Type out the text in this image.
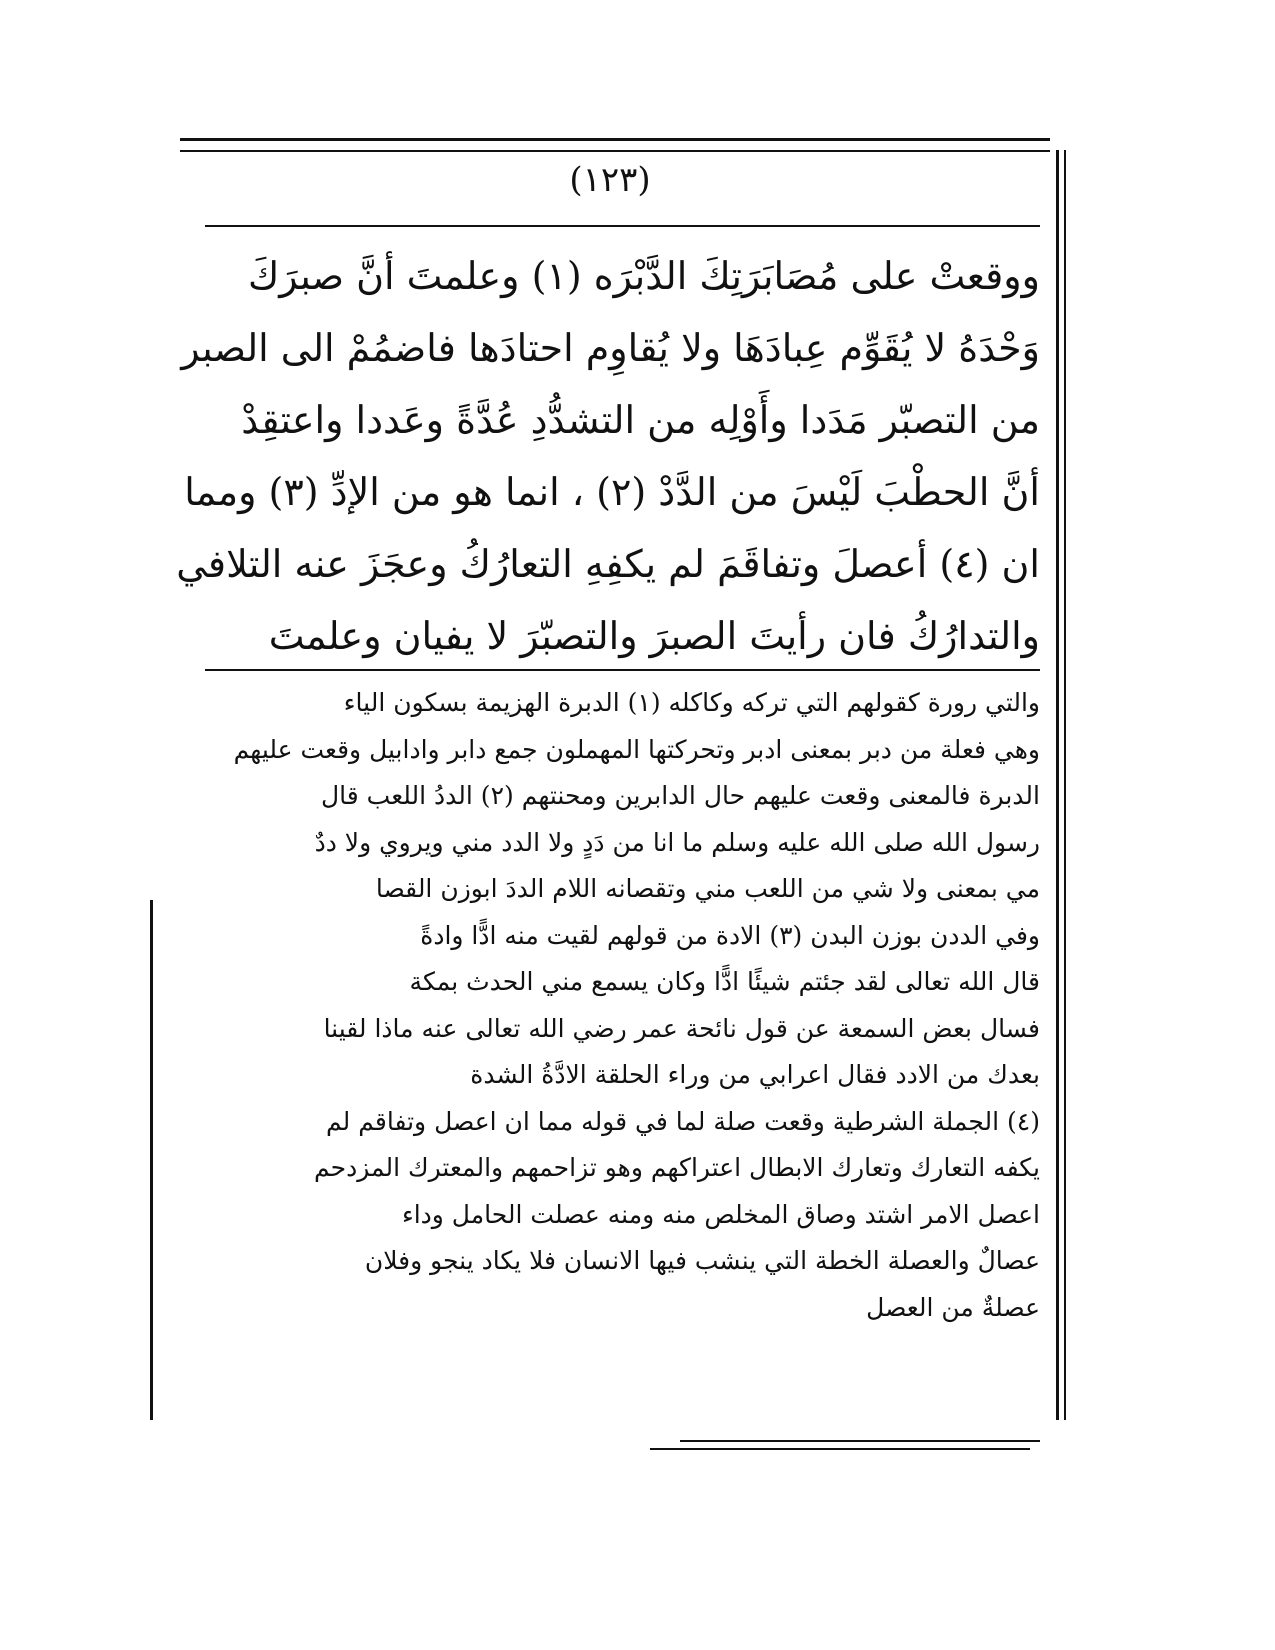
(١٢٣)
ووقعتْ على مُصَابَرَتِكَ الدَّبْرَه (١) وعلمتَ أنَّ صبرَكَ
وَحْدَهُ لا يُقَوِّم عِبادَهَا ولا يُقاوِم احتادَها فاضمُمْ الى الصبر
من التصبّر مَدَدا وأَوْلِه من التشدُّدِ عُدَّةً وعَددا واعتقِدْ
أنَّ الحطْبَ لَيْسَ من الدَّدْ (٢) ، انما هو من الإدِّ (٣) ومما
ان (٤) أعصلَ وتفاقَمَ لم يكفِهِ التعارُكُ وعجَزَ عنه التلافي
والتدارُكُ فان رأيتَ الصبرَ والتصبّرَ لا يفيان وعلمتَ
والتي رورة كقولهم التي تركه وكاكله (١) الدبرة الهزيمة بسكون الياء
وهي فعلة من دبر بمعنى ادبر وتحركتها المهملون جمع دابر وادابيل وقعت عليهم
الدبرة فالمعنى وقعت عليهم حال الدابرين ومحنتهم (٢) الددُ اللعب قال
رسول الله صلى الله عليه وسلم ما انا من دَدٍ ولا الدد مني ويروي ولا ددٌ
مي بمعنى ولا شي من اللعب مني وتقصانه اللام الددَ ابوزن القصا
وفي الددن بوزن البدن (٣) الادة من قولهم لقيت منه ادًّا وادةً
قال الله تعالى لقد جئتم شيئًا ادًّا وكان يسمع مني الحدث بمكة
فسال بعض السمعة عن قول نائحة عمر رضي الله تعالى عنه ماذا لقينا
بعدك من الادد فقال اعرابي من وراء الحلقة الادَّةُ الشدة
(٤) الجملة الشرطية وقعت صلة لما في قوله مما ان اعصل وتفاقم لم
يكفه التعارك وتعارك الابطال اعتراكهم وهو تزاحمهم والمعترك المزدحم
اعصل الامر اشتد وصاق المخلص منه ومنه عصلت الحامل وداء
عصالٌ والعصلة الخطة التي ينشب فيها الانسان فلا يكاد ينجو وفلان
عصلةٌ من العصل
